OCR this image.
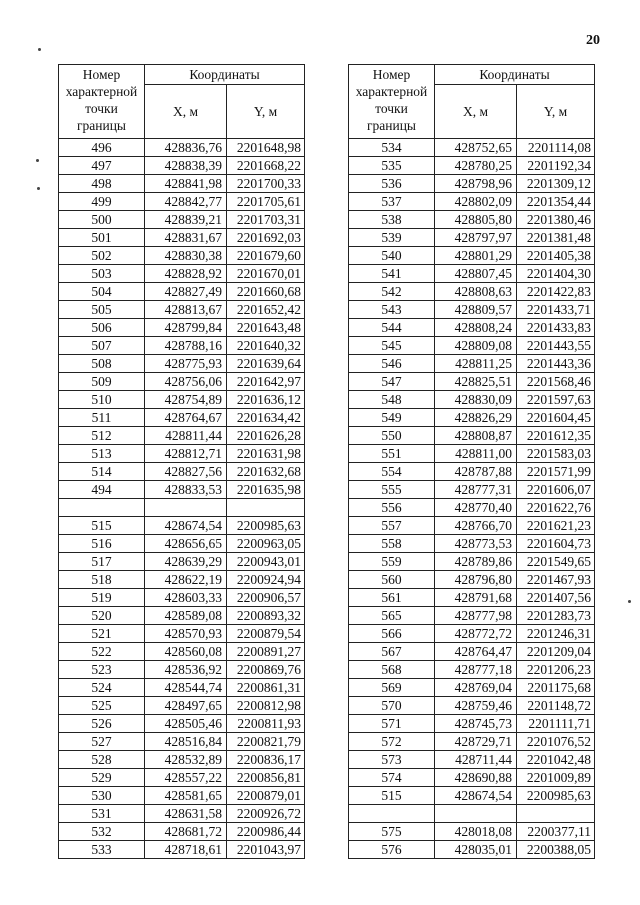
20
Номер характерной точки границы	Координаты	
	X, м	Y, м
496	428836,76	2201648,98
497	428838,39	2201668,22
498	428841,98	2201700,33
499	428842,77	2201705,61
500	428839,21	2201703,31
501	428831,67	2201692,03
502	428830,38	2201679,60
503	428828,92	2201670,01
504	428827,49	2201660,68
505	428813,67	2201652,42
506	428799,84	2201643,48
507	428788,16	2201640,32
508	428775,93	2201639,64
509	428756,06	2201642,97
510	428754,89	2201636,12
511	428764,67	2201634,42
512	428811,44	2201626,28
513	428812,71	2201631,98
514	428827,56	2201632,68
494	428833,53	2201635,98

515	428674,54	2200985,63
516	428656,65	2200963,05
517	428639,29	2200943,01
518	428622,19	2200924,94
519	428603,33	2200906,57
520	428589,08	2200893,32
521	428570,93	2200879,54
522	428560,08	2200891,27
523	428536,92	2200869,76
524	428544,74	2200861,31
525	428497,65	2200812,98
526	428505,46	2200811,93
527	428516,84	2200821,79
528	428532,89	2200836,17
529	428557,22	2200856,81
530	428581,65	2200879,01
531	428631,58	2200926,72
532	428681,72	2200986,44
533	428718,61	2201043,97
Номер характерной точки границы	Координаты	
	X, м	Y, м
534	428752,65	2201114,08
535	428780,25	2201192,34
536	428798,96	2201309,12
537	428802,09	2201354,44
538	428805,80	2201380,46
539	428797,97	2201381,48
540	428801,29	2201405,38
541	428807,45	2201404,30
542	428808,63	2201422,83
543	428809,57	2201433,71
544	428808,24	2201433,83
545	428809,08	2201443,55
546	428811,25	2201443,36
547	428825,51	2201568,46
548	428830,09	2201597,63
549	428826,29	2201604,45
550	428808,87	2201612,35
551	428811,00	2201583,03
554	428787,88	2201571,99
555	428777,31	2201606,07
556	428770,40	2201622,76
557	428766,70	2201621,23
558	428773,53	2201604,73
559	428789,86	2201549,65
560	428796,80	2201467,93
561	428791,68	2201407,56
565	428777,98	2201283,73
566	428772,72	2201246,31
567	428764,47	2201209,04
568	428777,18	2201206,23
569	428769,04	2201175,68
570	428759,46	2201148,72
571	428745,73	2201111,71
572	428729,71	2201076,52
573	428711,44	2201042,48
574	428690,88	2201009,89
515	428674,54	2200985,63

575	428018,08	2200377,11
576	428035,01	2200388,05
